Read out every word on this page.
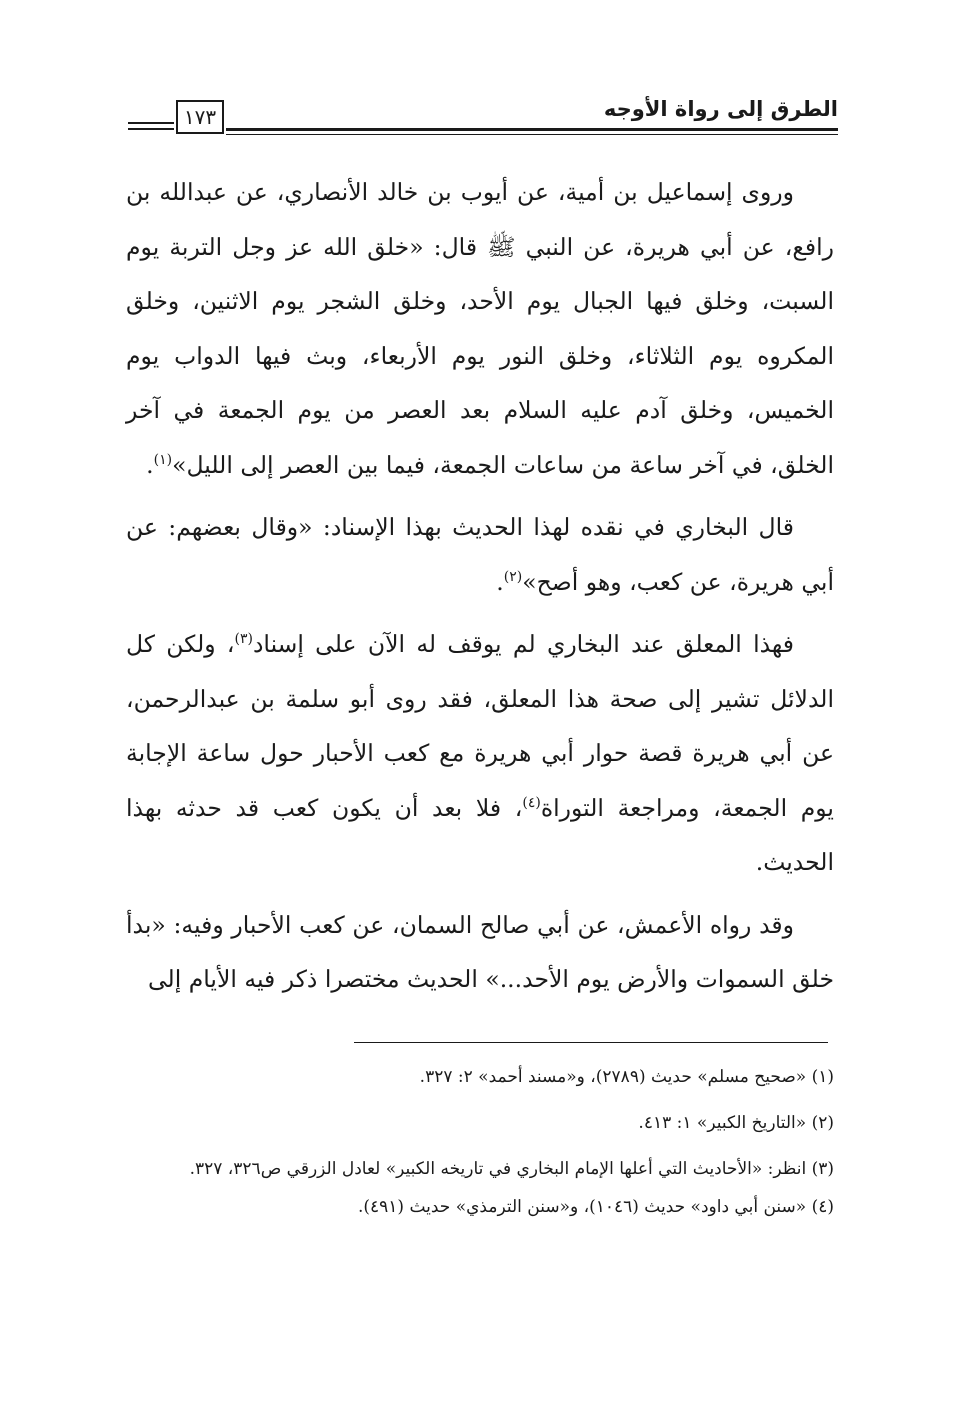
الطرق إلى رواة الأوجه
١٧٣

وروى إسماعيل بن أمية، عن أيوب بن خالد الأنصاري، عن عبدالله بن رافع، عن أبي هريرة، عن النبي ﷺ قال: «خلق الله عز وجل التربة يوم السبت، وخلق فيها الجبال يوم الأحد، وخلق الشجر يوم الاثنين، وخلق المكروه يوم الثلاثاء، وخلق النور يوم الأربعاء، وبث فيها الدواب يوم الخميس، وخلق آدم عليه السلام بعد العصر من يوم الجمعة في آخر الخلق، في آخر ساعة من ساعات الجمعة، فيما بين العصر إلى الليل»$^{(١)}$.

قال البخاري في نقده لهذا الحديث بهذا الإسناد: «وقال بعضهم: عن أبي هريرة، عن كعب، وهو أصح»$^{(٢)}$.

فهذا المعلق عند البخاري لم يوقف له الآن على إسناد$^{(٣)}$، ولكن كل الدلائل تشير إلى صحة هذا المعلق، فقد روى أبو سلمة بن عبدالرحمن، عن أبي هريرة قصة حوار أبي هريرة مع كعب الأحبار حول ساعة الإجابة يوم الجمعة، ومراجعة التوراة$^{(٤)}$، فلا بعد أن يكون كعب قد حدثه بهذا الحديث.

وقد رواه الأعمش، عن أبي صالح السمان، عن كعب الأحبار وفيه: «بدأ خلق السموات والأرض يوم الأحد...» الحديث مختصرا ذكر فيه الأيام إلى

(١) «صحيح مسلم» حديث (٢٧٨٩)، و«مسند أحمد» ٢: ٣٢٧.

(٢) «التاريخ الكبير» ١: ٤١٣.

(٣) انظر: «الأحاديث التي أعلها الإمام البخاري في تاريخه الكبير» لعادل الزرقي ص٣٢٦، ٣٢٧.

(٤) «سنن أبي داود» حديث (١٠٤٦)، و«سنن الترمذي» حديث (٤٩١).
